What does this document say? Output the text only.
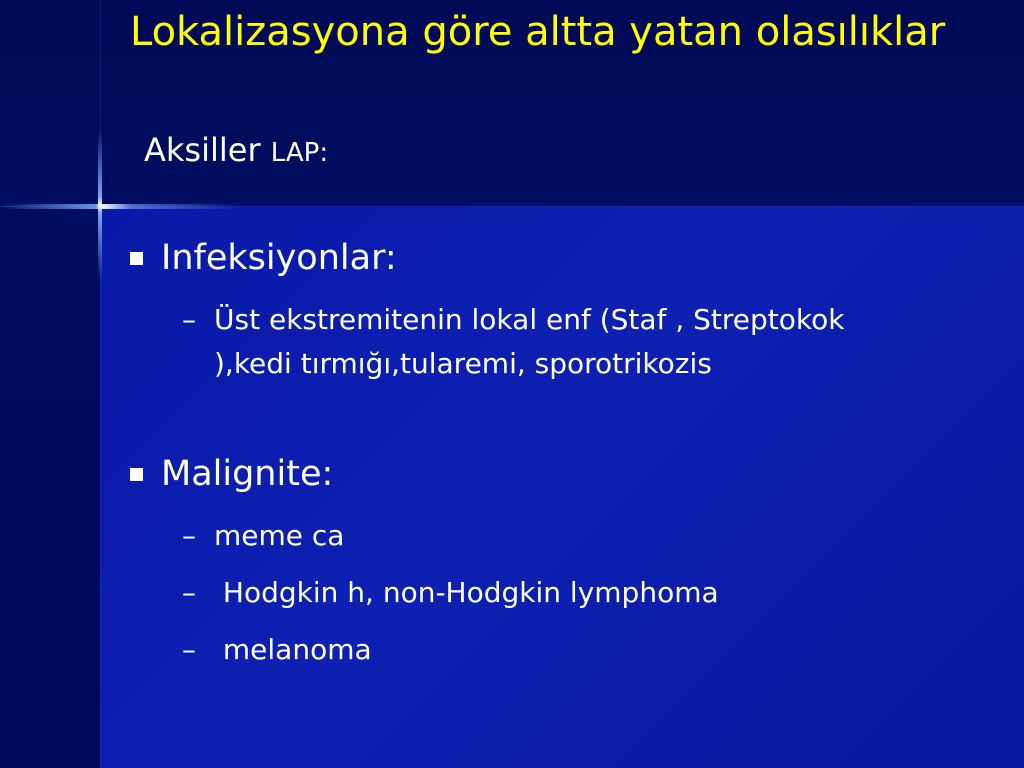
Lokalizasyona göre altta yatan olasılıklar
Aksiller LAP:
Infeksiyonlar:
– Üst ekstremitenin lokal enf (Staf , Streptokok ),kedi tırmığı,tularemi, sporotrikozis
Malignite:
– meme ca
– Hodgkin h, non-Hodgkin lymphoma
– melanoma
